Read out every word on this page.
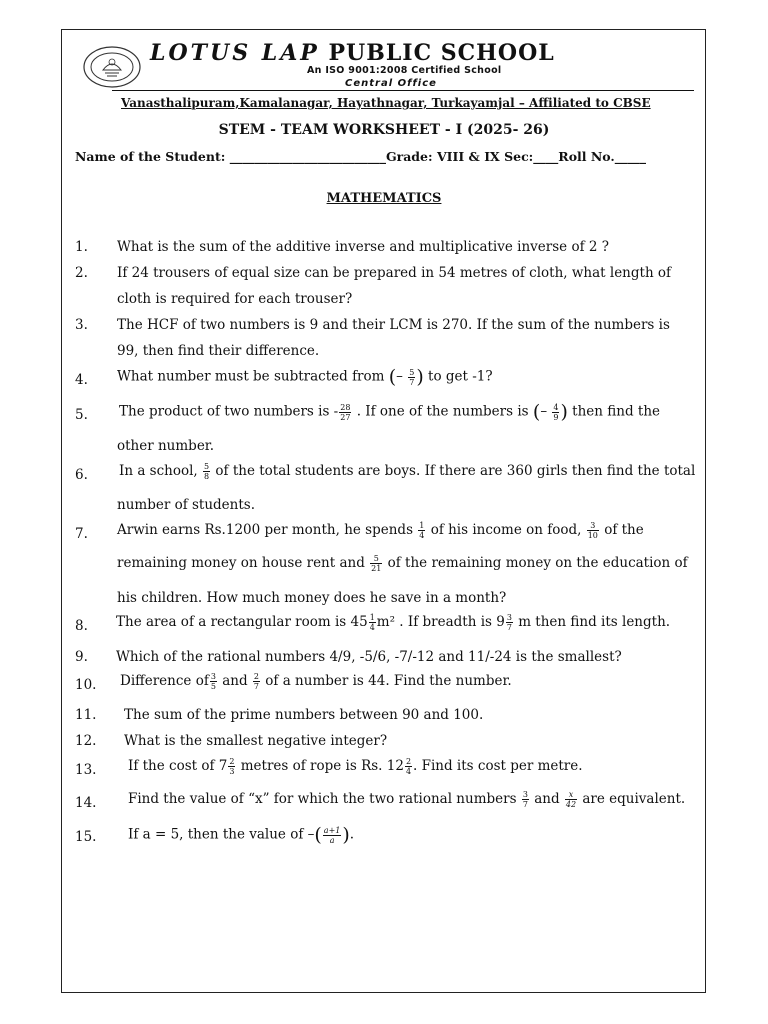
LOTUS LAP PUBLIC SCHOOL
An ISO 9001:2008 Certified School
Central Office
Vanasthalipuram,Kamalanagar, Hayathnagar, Turkayamjal – Affiliated to CBSE
STEM - TEAM WORKSHEET - I (2025- 26)
Name of the Student: _________________________Grade: VIII & IX Sec:____Roll No._____
MATHEMATICS
1. What is the sum of the additive inverse and multiplicative inverse of 2 ?
2. If 24 trousers of equal size can be prepared in 54 metres of cloth, what length of
cloth is required for each trouser?
3. The HCF of two numbers is 9 and their LCM is 270. If the sum of the numbers is
99, then find their difference.
4. What number must be subtracted from (– $\frac{5}{7}$ ) to get -1?
5. The product of two numbers is - $\frac{28}{27}$ . If one of the numbers is (– $\frac{4}{9}$ ) then find the
other number.
6. In a school, $\frac{5}{8}$ of the total students are boys. If there are 360 girls then find the total
number of students.
7. Arwin earns Rs.1200 per month, he spends $\frac{1}{4}$ of his income on food, $\frac{3}{10}$ of the
remaining money on house rent and $\frac{5}{21}$ of the remaining money on the education of
his children. How much money does he save in a month?
8. The area of a rectangular room is $45 \frac{1}{4} m^2$ . If breadth is $9 \frac{3}{7}$ m then find its length.
9. Which of the rational numbers 4/9, -5/6, -7/-12 and 11/-24 is the smallest?
10. Difference of $\frac{3}{5}$ and $\frac{2}{7}$ of a number is 44. Find the number.
11. The sum of the prime numbers between 90 and 100.
12. What is the smallest negative integer?
13. If the cost of $7 \frac{2}{3}$ metres of rope is Rs. $12 \frac{2}{4}$ . Find its cost per metre.
14. Find the value of “x” for which the two rational numbers $\frac{3}{7}$ and $\frac{x}{42}$ are equivalent.
15. If a = 5, then the value of –( $\frac{a+1}{a}$ ).
